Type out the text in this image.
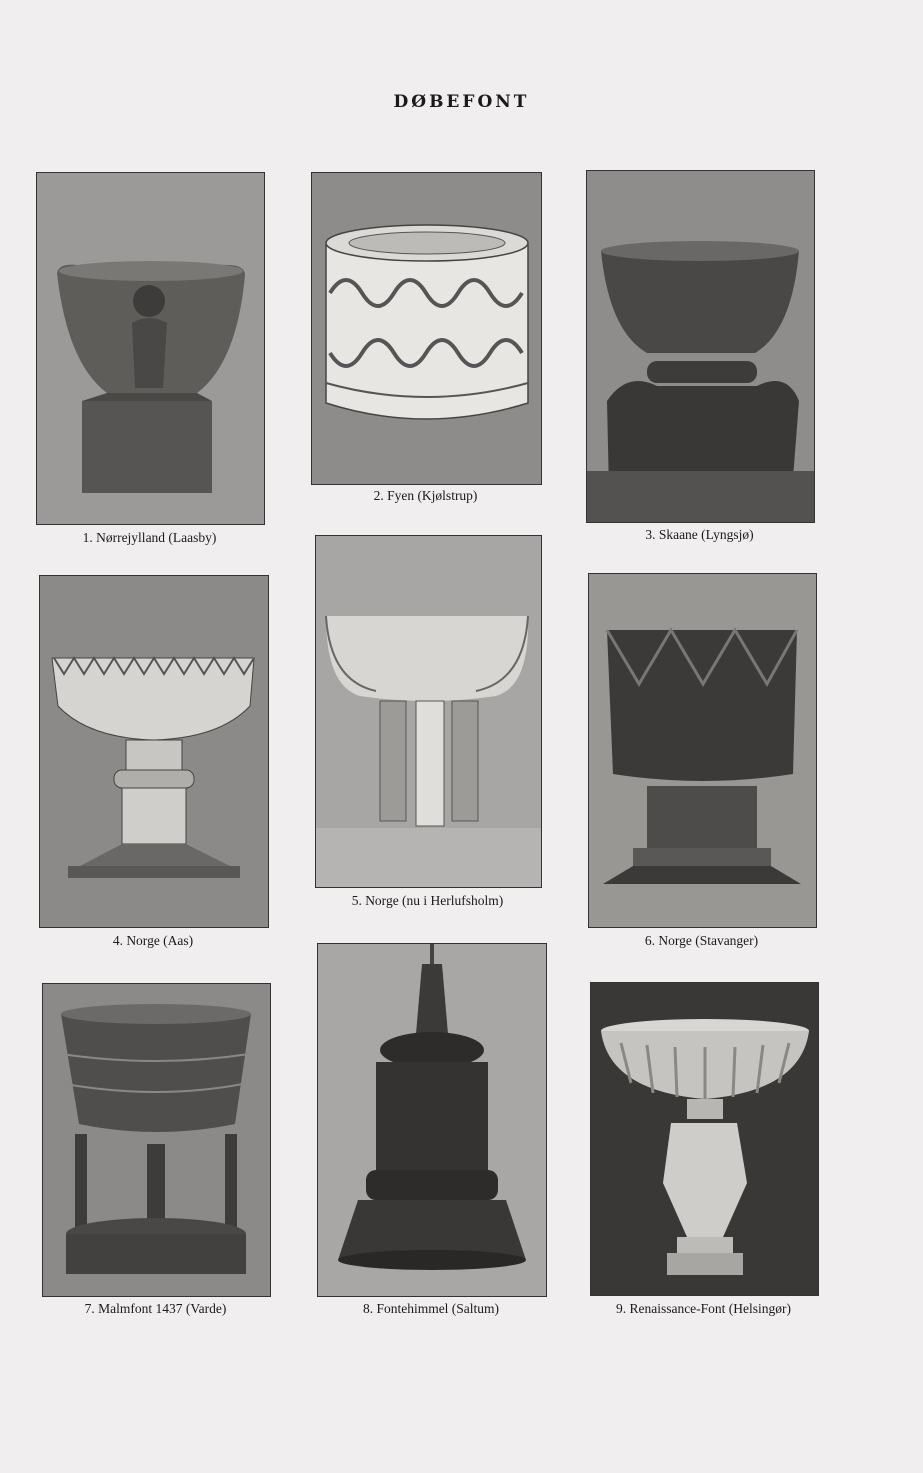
DØBEFONT
1. Nørrejylland (Laasby)
2. Fyen (Kjølstrup)
3. Skaane (Lyngsjø)
4. Norge (Aas)
5. Norge (nu i Herlufsholm)
6. Norge (Stavanger)
7. Malmfont 1437 (Varde)	8. Fontehimmel (Saltum)	9. Renaissance-Font (Helsingør)
